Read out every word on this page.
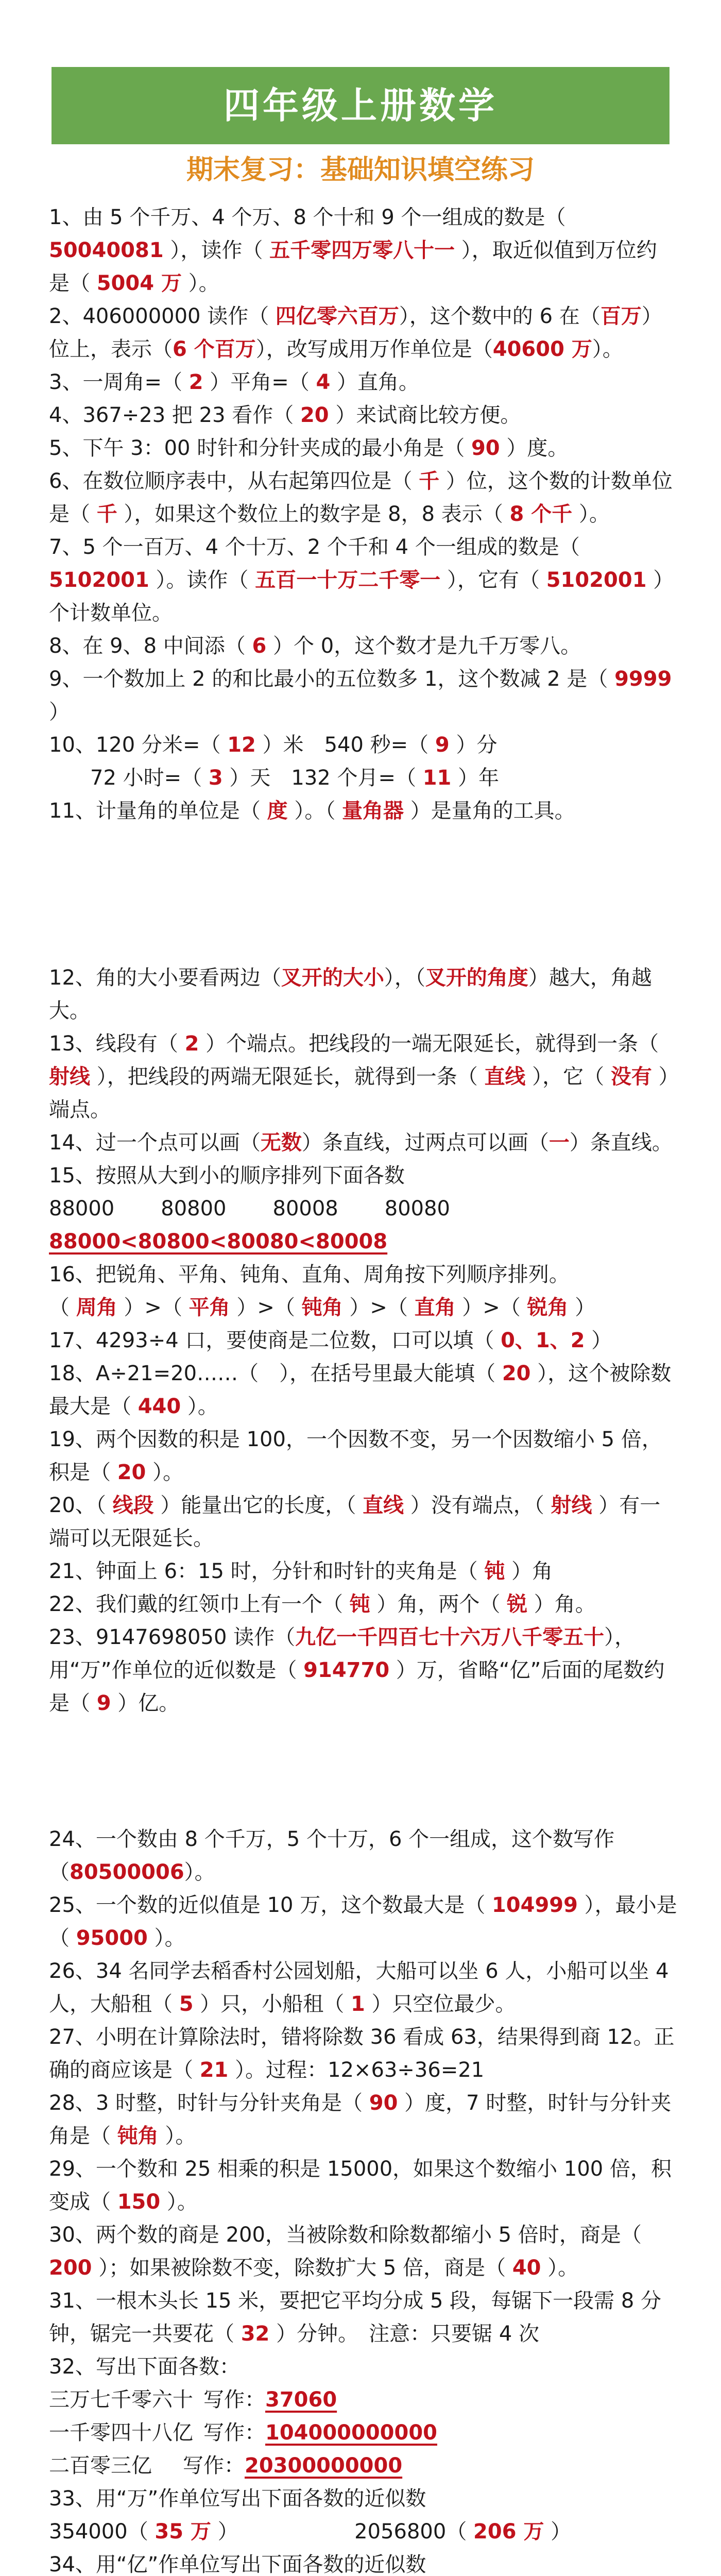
四年级上册数学
期末复习：基础知识填空练习
1、由 5 个千万、4 个万、8 个十和 9 个一组成的数是（ 50040081 ），读作（ 五千零四万零八十一 ），取近似值到万位约是（ 5004 万 ）。
2、406000000 读作（ 四亿零六百万），这个数中的 6 在（百万）位上，表示（6 个百万），改写成用万作单位是（40600 万）。
3、一周角=（ 2 ）平角=（ 4 ）直角。
4、367÷23 把 23 看作（ 20 ）来试商比较方便。
5、下午 3：00 时针和分针夹成的最小角是（ 90 ）度。
6、在数位顺序表中，从右起第四位是（ 千 ）位，这个数的计数单位是（ 千 ），如果这个数位上的数字是 8，8 表示（ 8 个千 ）。
7、5 个一百万、4 个十万、2 个千和 4 个一组成的数是（ 5102001 ）。读作（ 五百一十万二千零一 ），它有（ 5102001 ）个计数单位。
8、在 9、8 中间添（ 6 ）个 0，这个数才是九千万零八。
9、一个数加上 2 的和比最小的五位数多 1，这个数减 2 是（ 9999 ）
10、120 分米=（ 12 ）米　540 秒=（ 9 ）分
72 小时=（ 3 ）天　132 个月=（ 11 ）年
11、计量角的单位是（ 度 ）。（ 量角器 ）是量角的工具。
12、角的大小要看两边（叉开的大小），（叉开的角度）越大，角越大。
13、线段有（ 2 ）个端点。把线段的一端无限延长，就得到一条（ 射线 ），把线段的两端无限延长，就得到一条（ 直线 ），它（ 没有 ）端点。
14、过一个点可以画（无数）条直线，过两点可以画（一）条直线。
15、按照从大到小的顺序排列下面各数
88000 80800 80008 80080
88000<80800<80080<80008
16、把锐角、平角、钝角、直角、周角按下列顺序排列。
（ 周角 ）>（ 平角 ）>（ 钝角 ）>（ 直角 ）>（ 锐角 ）
17、4293÷4 口，要使商是二位数，口可以填（ 0、1、2 ）
18、A÷21=20……（　），在括号里最大能填（ 20 ），这个被除数最大是（ 440 ）。
19、两个因数的积是 100，一个因数不变，另一个因数缩小 5 倍，积是（ 20 ）。
20、（ 线段 ）能量出它的长度，（ 直线 ）没有端点，（ 射线 ）有一端可以无限延长。
21、钟面上 6：15 时，分针和时针的夹角是（ 钝 ）角
22、我们戴的红领巾上有一个（ 钝 ）角，两个（ 锐 ）角。
23、9147698050 读作（九亿一千四百七十六万八千零五十），用“万”作单位的近似数是（ 914770 ）万，省略“亿”后面的尾数约是（ 9 ）亿。
24、一个数由 8 个千万，5 个十万，6 个一组成，这个数写作（80500006）。
25、一个数的近似值是 10 万，这个数最大是（ 104999 ），最小是（ 95000 ）。
26、34 名同学去稻香村公园划船，大船可以坐 6 人，小船可以坐 4 人，大船租（ 5 ）只，小船租（ 1 ）只空位最少。
27、小明在计算除法时，错将除数 36 看成 63，结果得到商 12。正确的商应该是（ 21 ）。过程：12×63÷36=21
28、3 时整，时针与分针夹角是（ 90 ）度，7 时整，时针与分针夹角是（ 钝角 ）。
29、一个数和 25 相乘的积是 15000，如果这个数缩小 100 倍，积变成（ 150 ）。
30、两个数的商是 200，当被除数和除数都缩小 5 倍时，商是（ 200 ）；如果被除数不变，除数扩大 5 倍，商是（ 40 ）。
31、一根木头长 15 米，要把它平均分成 5 段，每锯下一段需 8 分钟，锯完一共要花（ 32 ）分钟。　注意：只要锯 4 次
32、写出下面各数：
三万七千零六十 写作：37060
一千零四十八亿 写作：104000000000
二百零三亿 写作：20300000000
33、用“万”作单位写出下面各数的近似数
354000（ 35 万 ）	2056800（ 206 万 ）
34、用“亿”作单位写出下面各数的近似数
